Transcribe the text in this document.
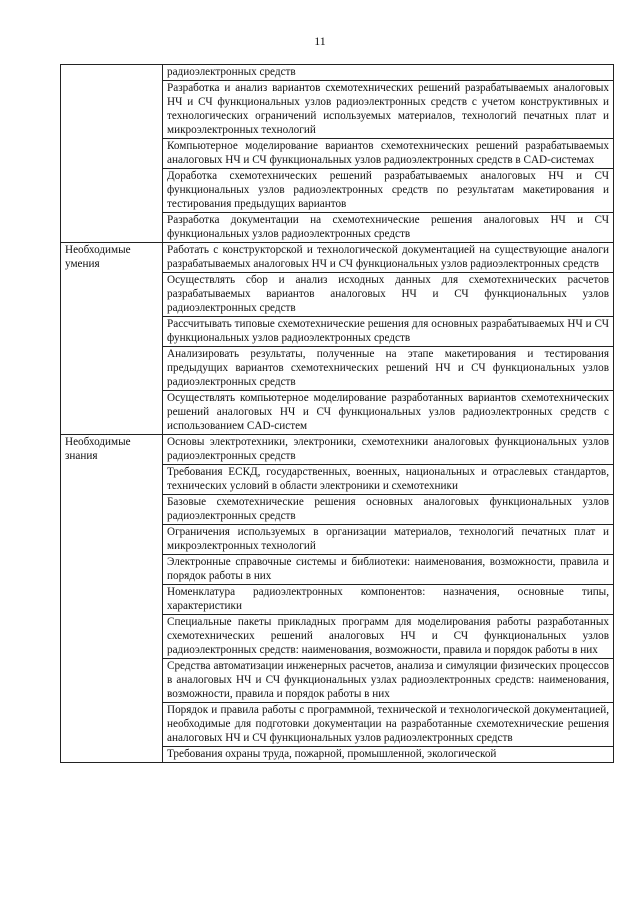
11
	радиоэлектронных средств
	Разработка и анализ вариантов схемотехнических решений разрабатываемых аналоговых НЧ и СЧ функциональных узлов радиоэлектронных средств с учетом конструктивных и технологических ограничений используемых материалов, технологий печатных плат и микроэлектронных технологий
	Компьютерное моделирование вариантов схемотехнических решений разрабатываемых аналоговых НЧ и СЧ функциональных узлов радиоэлектронных средств в CAD-системах
	Доработка схемотехнических решений разрабатываемых аналоговых НЧ и СЧ функциональных узлов радиоэлектронных средств по результатам макетирования и тестирования предыдущих вариантов
	Разработка документации на схемотехнические решения аналоговых НЧ и СЧ функциональных узлов радиоэлектронных средств
Необходимые умения	Работать с конструкторской и технологической документацией на существующие аналоги разрабатываемых аналоговых НЧ и СЧ функциональных узлов радиоэлектронных средств
	Осуществлять сбор и анализ исходных данных для схемотехнических расчетов разрабатываемых вариантов аналоговых НЧ и СЧ функциональных узлов радиоэлектронных средств
	Рассчитывать типовые схемотехнические решения для основных разрабатываемых НЧ и СЧ функциональных узлов радиоэлектронных средств
	Анализировать результаты, полученные на этапе макетирования и тестирования предыдущих вариантов схемотехнических решений НЧ и СЧ функциональных узлов радиоэлектронных средств
	Осуществлять компьютерное моделирование разработанных вариантов схемотехнических решений аналоговых НЧ и СЧ функциональных узлов радиоэлектронных средств с использованием CAD-систем
Необходимые знания	Основы электротехники, электроники, схемотехники аналоговых функциональных узлов радиоэлектронных средств
	Требования ЕСКД, государственных, военных, национальных и отраслевых стандартов, технических условий в области электроники и схемотехники
	Базовые схемотехнические решения основных аналоговых функциональных узлов радиоэлектронных средств
	Ограничения используемых в организации материалов, технологий печатных плат и микроэлектронных технологий
	Электронные справочные системы и библиотеки: наименования, возможности, правила и порядок работы в них
	Номенклатура радиоэлектронных компонентов: назначения, основные типы, характеристики
	Специальные пакеты прикладных программ для моделирования работы разработанных схемотехнических решений аналоговых НЧ и СЧ функциональных узлов радиоэлектронных средств: наименования, возможности, правила и порядок работы в них
	Средства автоматизации инженерных расчетов, анализа и симуляции физических процессов в аналоговых НЧ и СЧ функциональных узлах радиоэлектронных средств: наименования, возможности, правила и порядок работы в них
	Порядок и правила работы с программной, технической и технологической документацией, необходимые для подготовки документации на разработанные схемотехнические решения аналоговых НЧ и СЧ функциональных узлов радиоэлектронных средств
	Требования охраны труда, пожарной, промышленной, экологической
